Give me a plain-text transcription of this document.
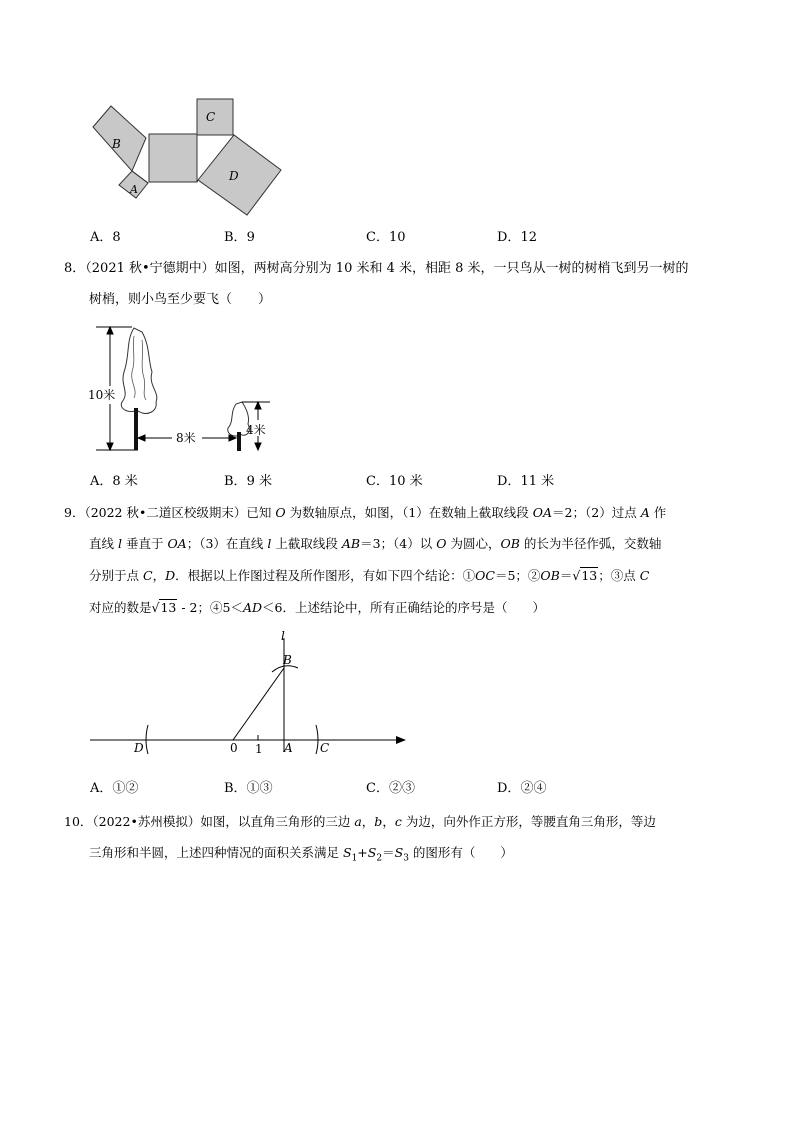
B
A
C
D
A．8	B．9	C．10	D．12
8．（2021 秋•宁德期中）如图，两树高分别为 10 米和 4 米，相距 8 米，一只鸟从一树的树梢飞到另一树的
树梢，则小鸟至少要飞（　　）
10米
8米
4米
A．8 米	B．9 米	C．10 米	D．11 米
9．（2022 秋•二道区校级期末）已知 O 为数轴原点，如图，（1）在数轴上截取线段 OA＝2；（2）过点 A 作
直线 l 垂直于 OA；（3）在直线 l 上截取线段 AB＝3；（4）以 O 为圆心，OB 的长为半径作弧，交数轴
分别于点 C，D．根据以上作图过程及所作图形，有如下四个结论：①OC＝5；②OB＝√13；③点 C
对应的数是√13 - 2；④5＜AD＜6．上述结论中，所有正确结论的序号是（　　）
l
B
D	0 1 A C
A．①②	B．①③	C．②③	D．②④
10．（2022•苏州模拟）如图，以直角三角形的三边 a，b，c 为边，向外作正方形，等腰直角三角形，等边
三角形和半圆，上述四种情况的面积关系满足 $S_1+S_2=S_3$ 的图形有（　　）
